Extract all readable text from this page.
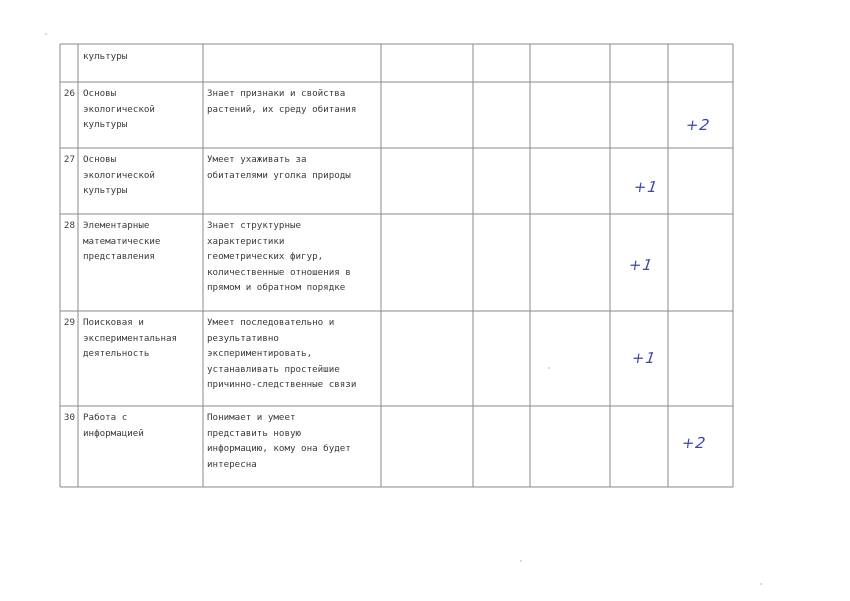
культуры
26 Основы
экологической
культуры
Знает признаки и свойства
растений, их среду обитания
+2
27 Основы
экологической
культуры
Умеет ухаживать за
обитателями уголка природы
+1
28 Элементарные
математические
представления
Знает структурные
характеристики
геометрических фигур,
количественные отношения в
прямом и обратном порядке
+1
29 Поисковая и
экспериментальная
деятельность
Умеет последовательно и
результативно
экспериментировать,
устанавливать простейшие
причинно-следственные связи
+1
30 Работа с
информацией
Понимает и умеет
представить новую
информацию, кому она будет
интересна
+2
